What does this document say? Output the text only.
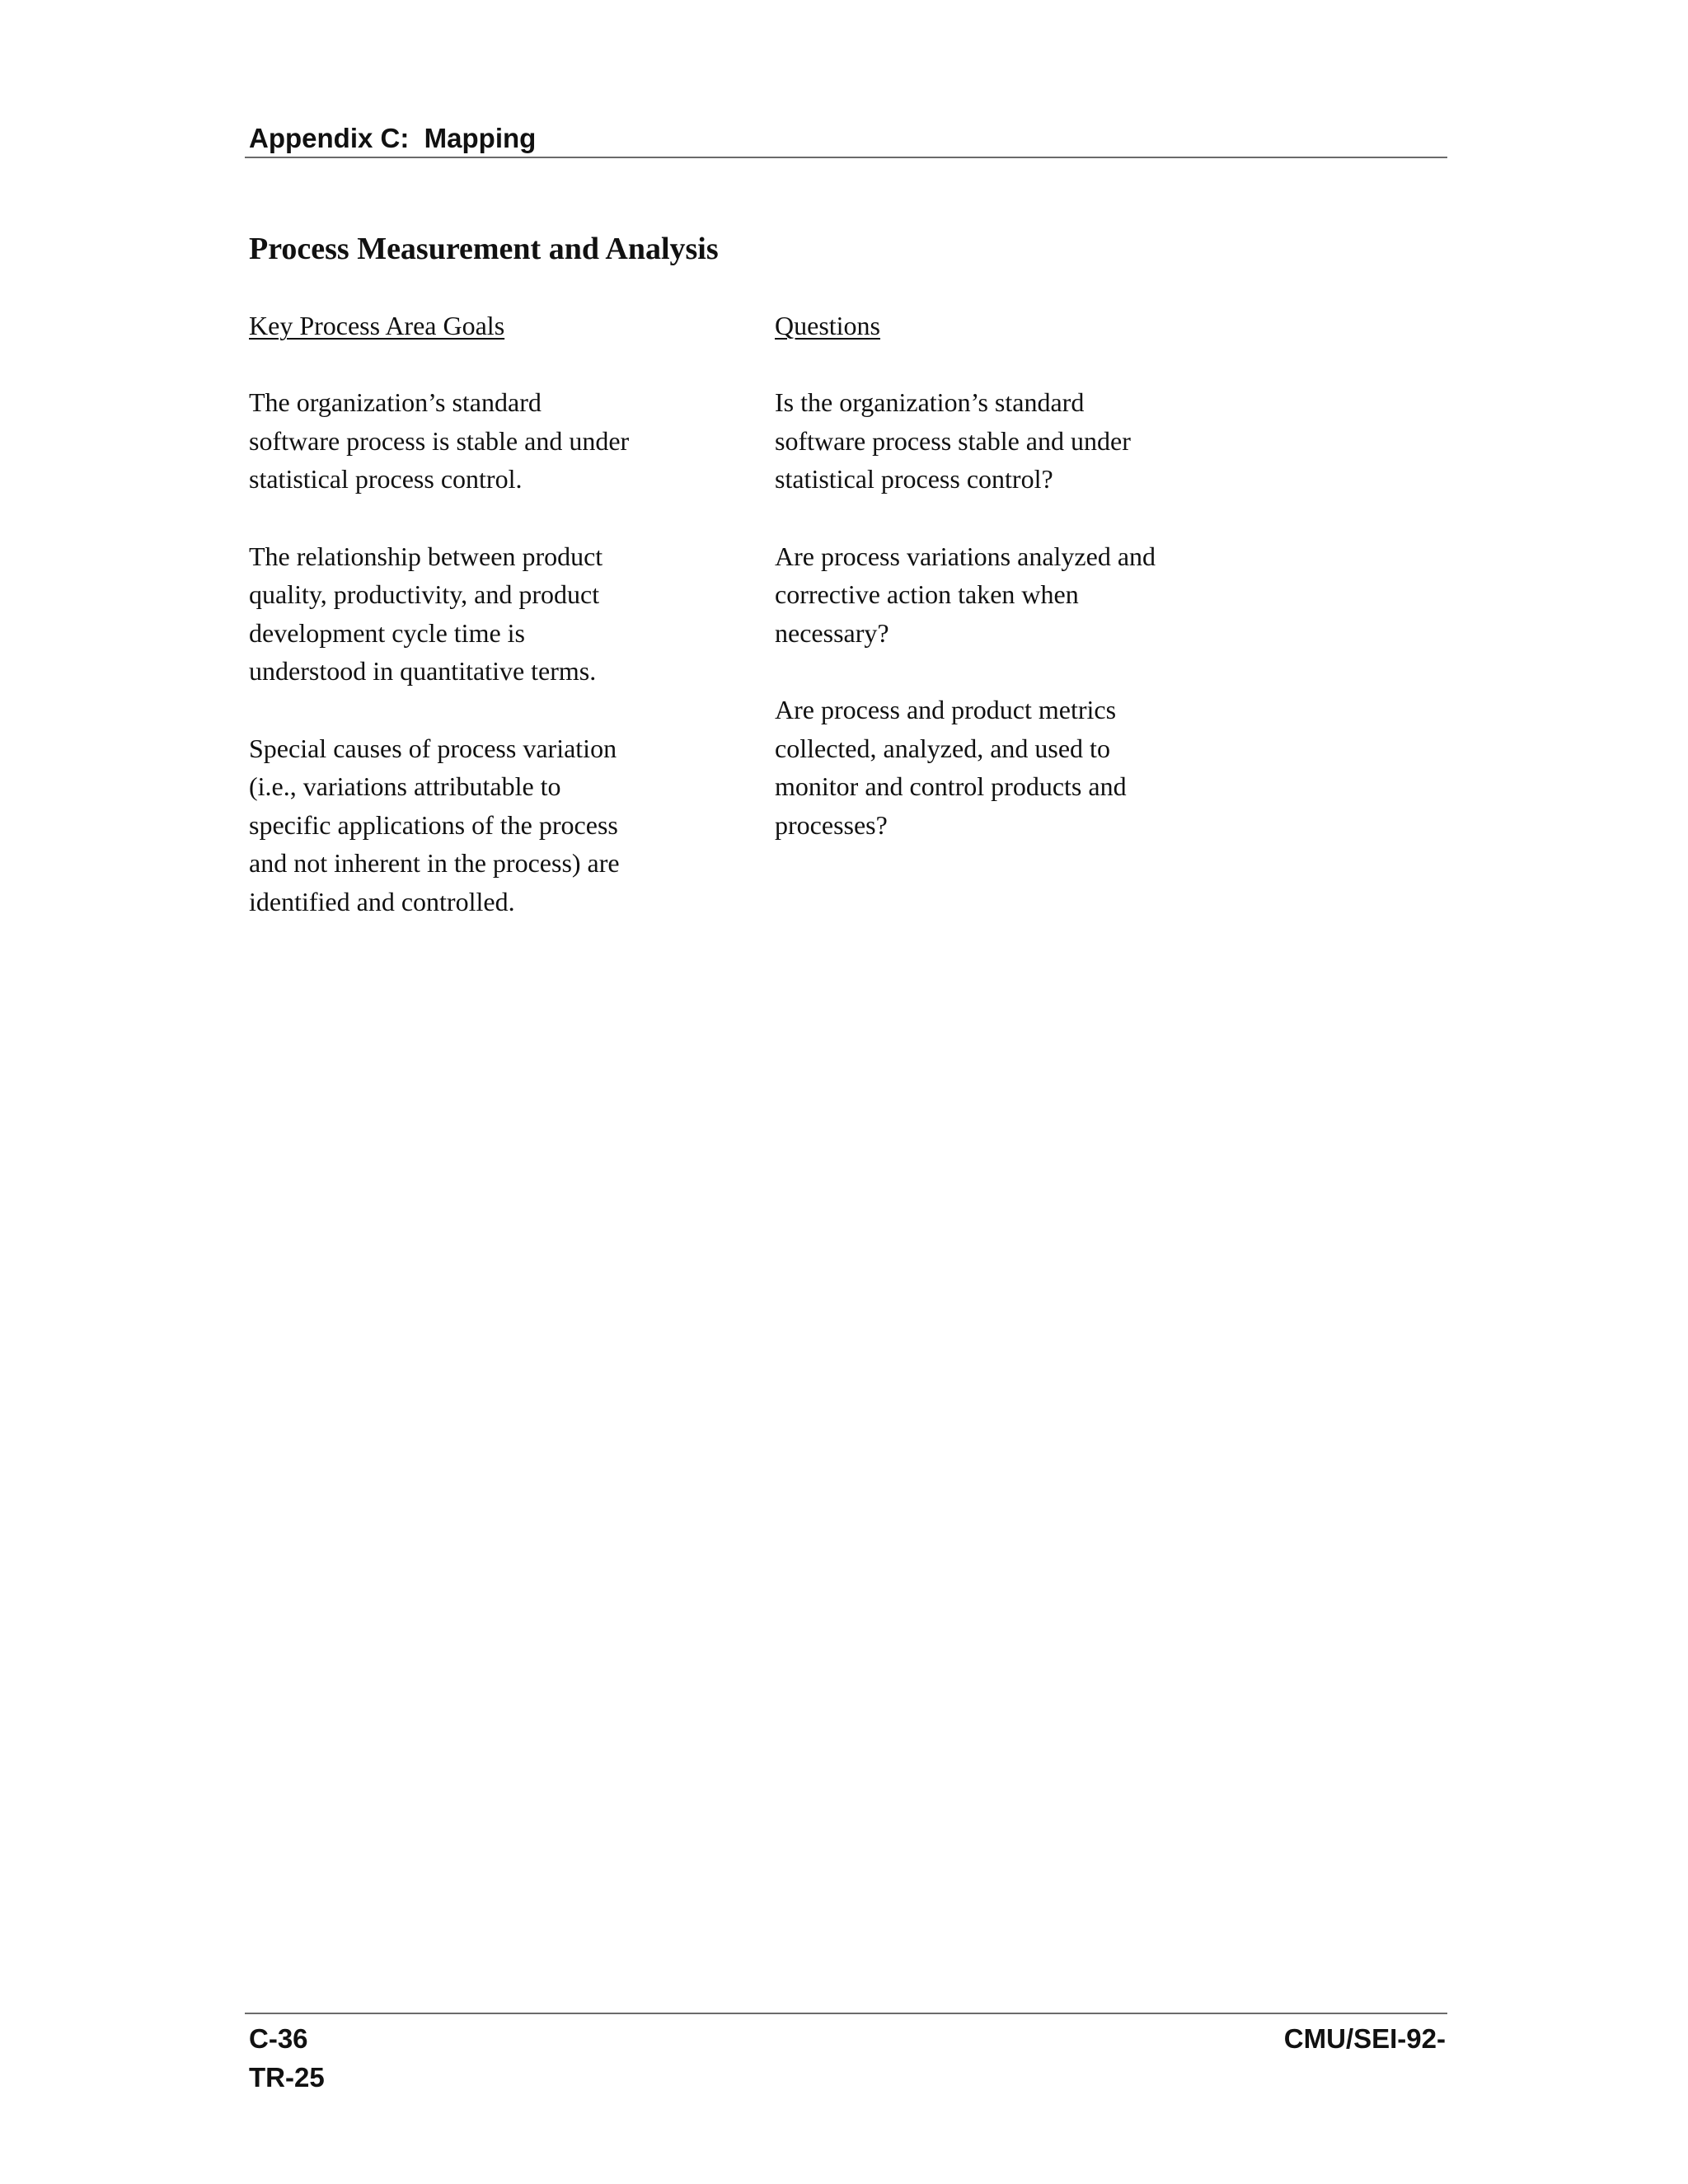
Appendix C:  Mapping
Process Measurement and Analysis
Key Process Area Goals
The organization’s standard
software process is stable and under
statistical process control.
The relationship between product
quality, productivity, and product
development cycle time is
understood in quantitative terms.
Special causes of process variation
(i.e., variations attributable to
specific applications of the process
and not inherent in the process) are
identified and controlled.
Questions
Is the organization’s standard
software process stable and under
statistical process control?
Are process variations analyzed and
corrective action taken when
necessary?
Are process and product metrics
collected, analyzed, and used to
monitor and control products and
processes?
C-36
TR-25
CMU/SEI-92-
